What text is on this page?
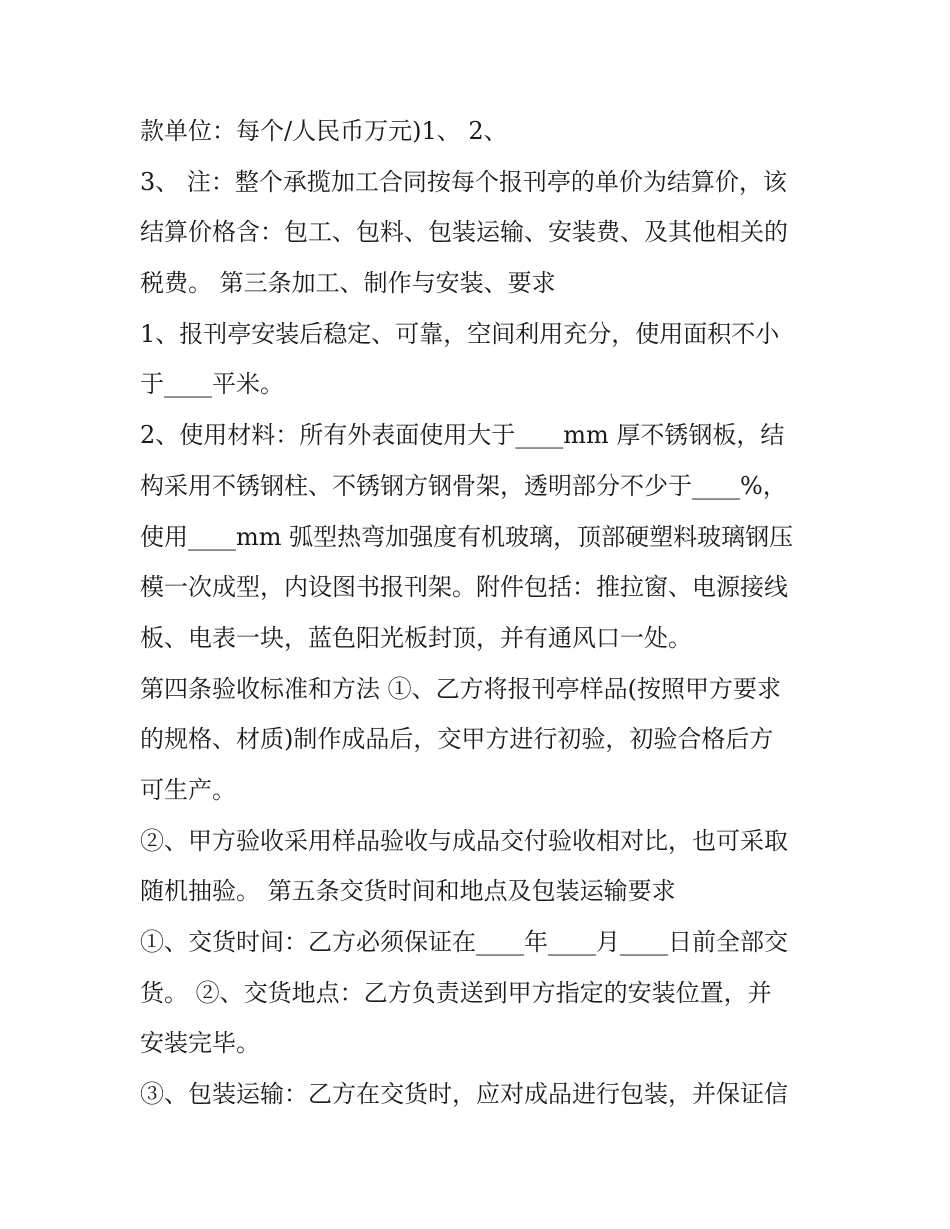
款单位：每个/人民币万元)1、 2、
3、 注：整个承揽加工合同按每个报刊亭的单价为结算价，该
结算价格含：包工、包料、包装运输、安装费、及其他相关的
税费。 第三条加工、制作与安装、要求
1、报刊亭安装后稳定、可靠，空间利用充分，使用面积不小
于____平米。
2、使用材料：所有外表面使用大于____mm 厚不锈钢板，结
构采用不锈钢柱、不锈钢方钢骨架，透明部分不少于____%，
使用____mm 弧型热弯加强度有机玻璃，顶部硬塑料玻璃钢压
模一次成型，内设图书报刊架。附件包括：推拉窗、电源接线
板、电表一块，蓝色阳光板封顶，并有通风口一处。
第四条验收标准和方法 ①、乙方将报刊亭样品(按照甲方要求
的规格、材质)制作成品后，交甲方进行初验，初验合格后方
可生产。
②、甲方验收采用样品验收与成品交付验收相对比，也可采取
随机抽验。 第五条交货时间和地点及包装运输要求
①、交货时间：乙方必须保证在____年____月____日前全部交
货。 ②、交货地点：乙方负责送到甲方指定的安装位置，并
安装完毕。
③、包装运输：乙方在交货时，应对成品进行包装，并保证信
